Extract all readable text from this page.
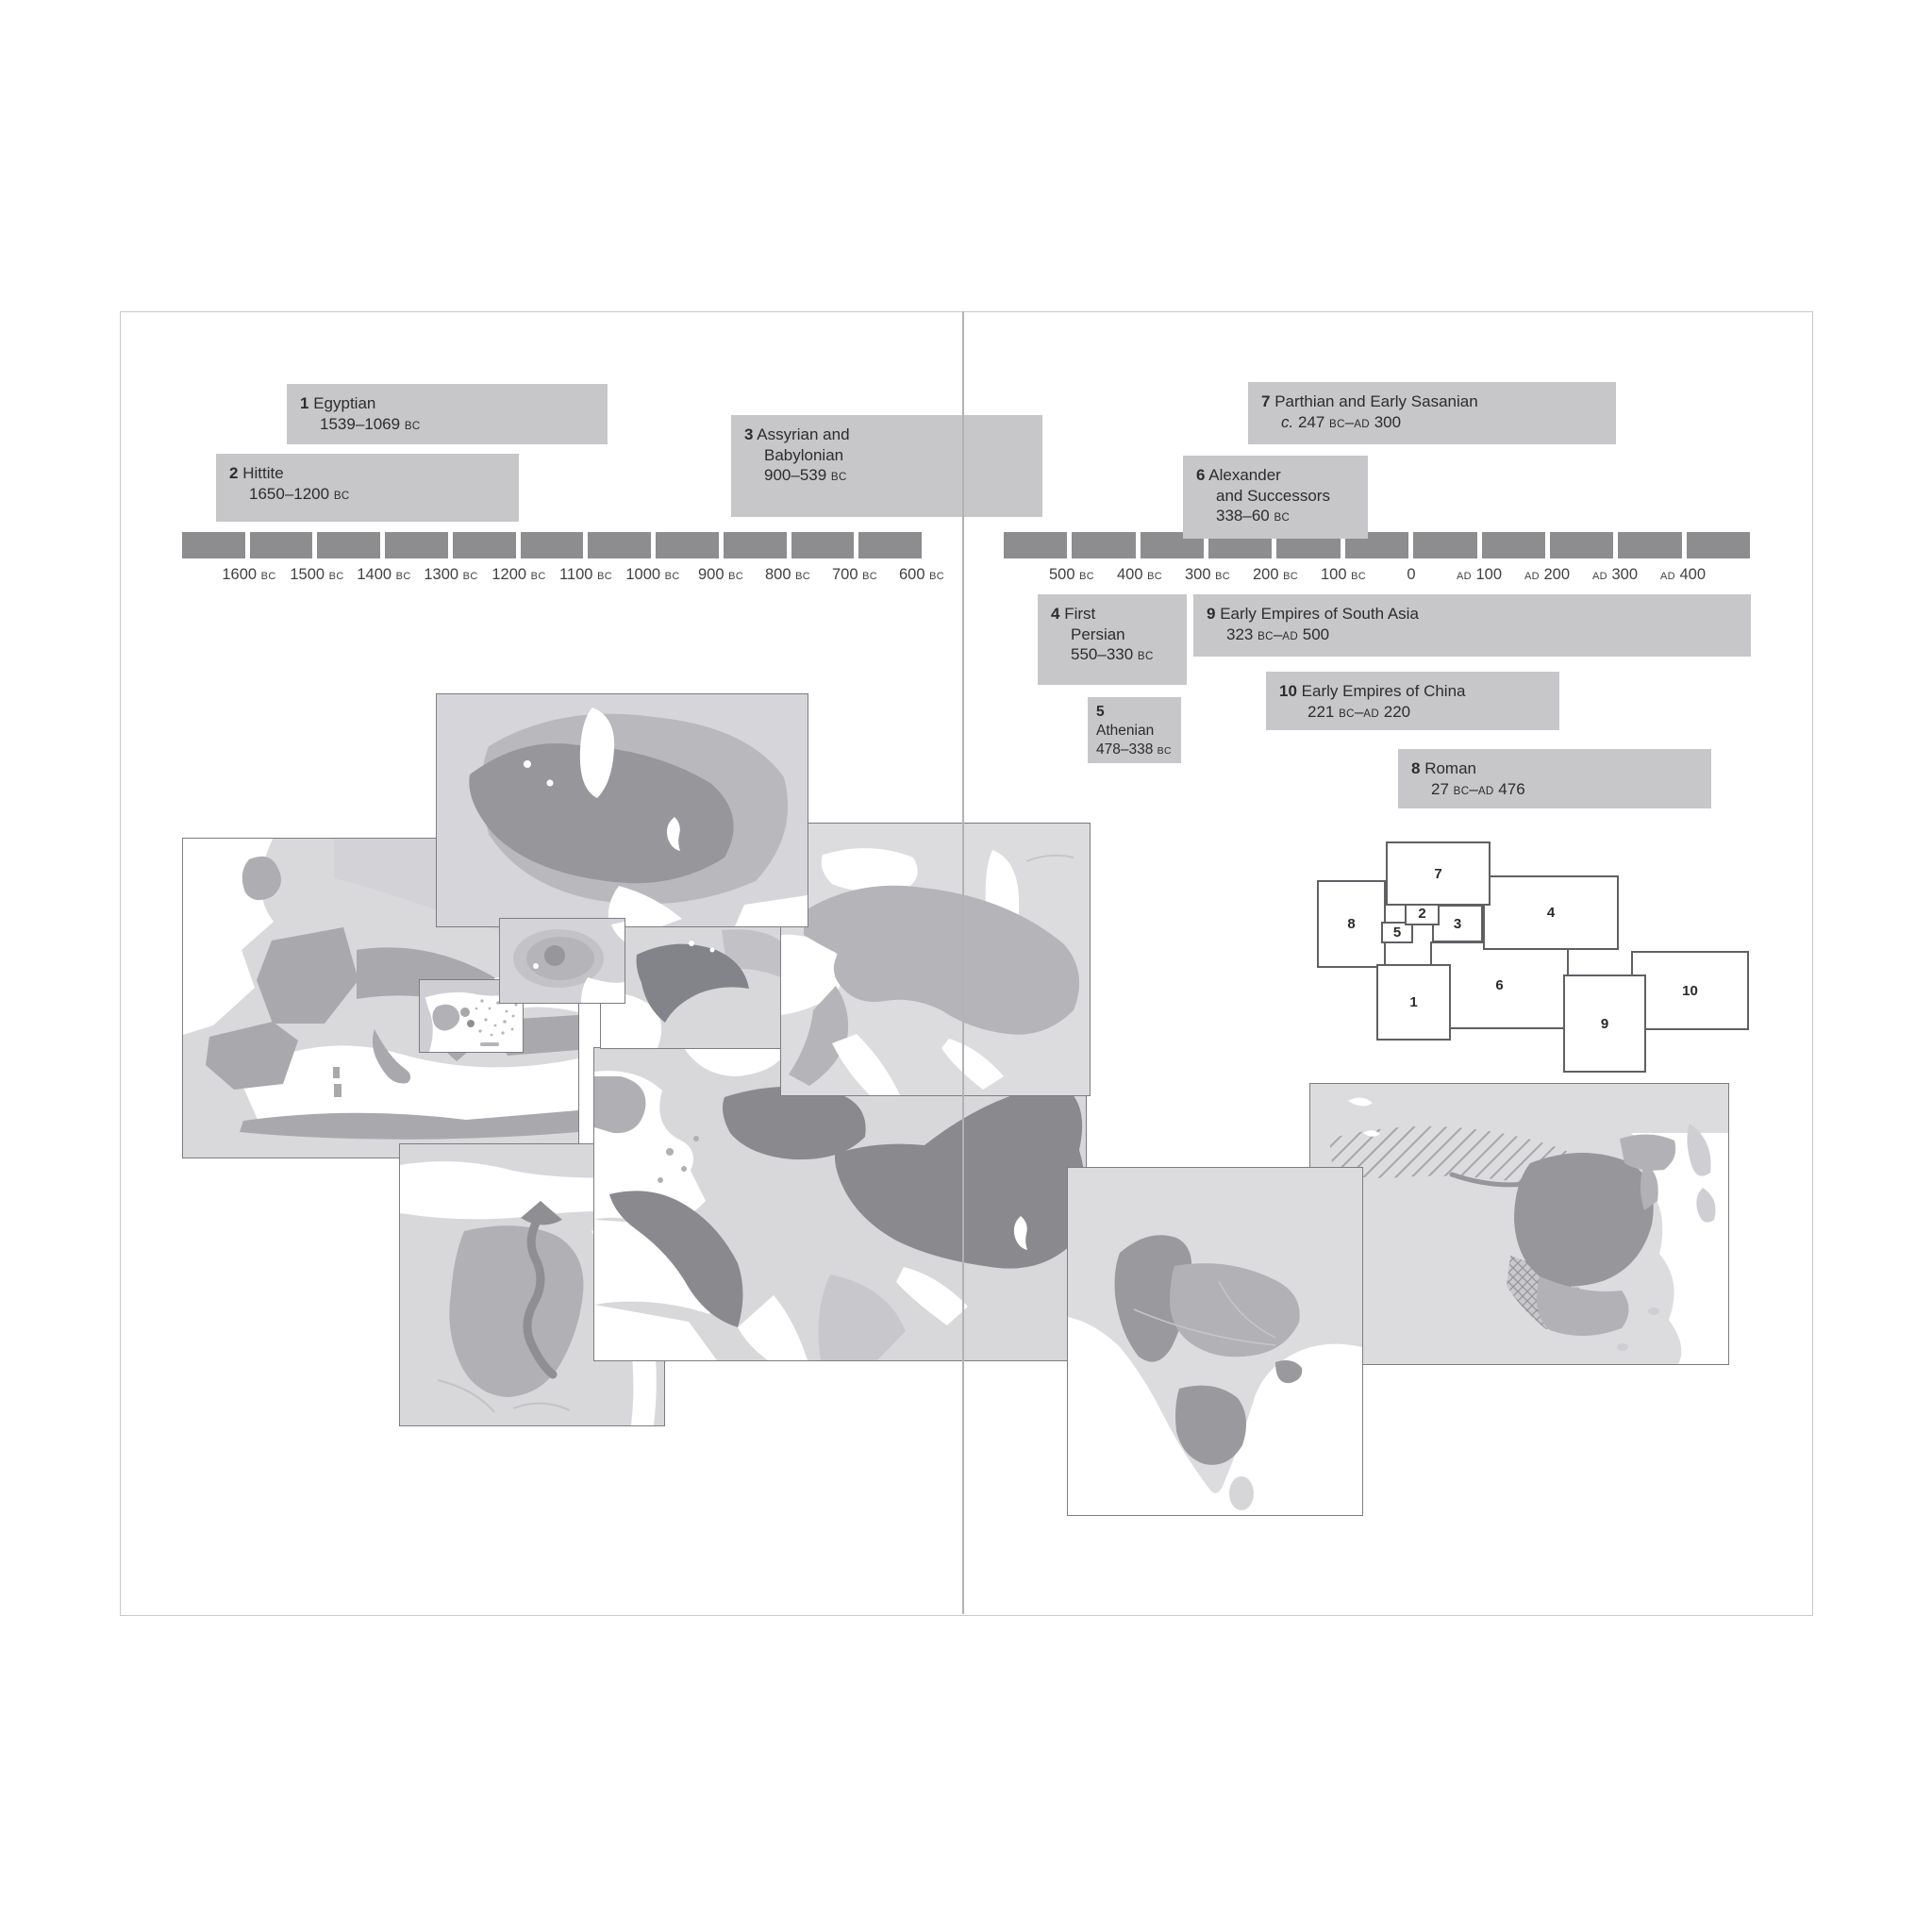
1 Egyptian
1539–1069 BC
2 Hittite
1650–1200 BC
3 Assyrian and
Babylonian
900–539 BC
7 Parthian and Early Sasanian
c. 247 BC–AD 300
6 Alexander
and Successors
338–60 BC
4 First
Persian
550–330 BC
9 Early Empires of South Asia
323 BC–AD 500
10 Early Empires of China
221 BC–AD 220
5
Athenian
478–338 BC
8 Roman
27 BC–AD 476
1600 BC 1500 BC 1400 BC 1300 BC 1200 BC 1100 BC 1000 BC 900 BC 800 BC 700 BC 600 BC	500 BC 400 BC 300 BC 200 BC 100 BC	0	AD 100 AD 200 AD 300 AD 400
8
6
4
10
1
9
3
5
2
7
